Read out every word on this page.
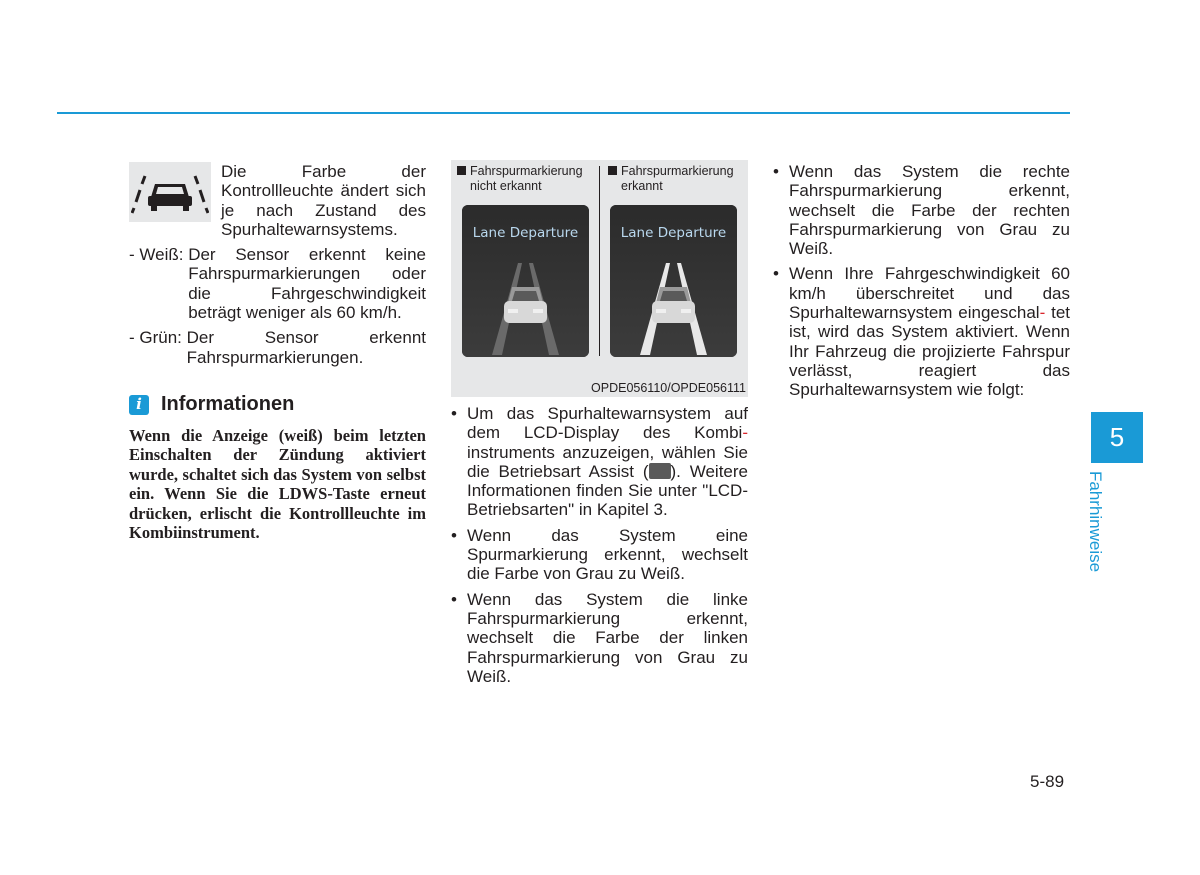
Die Farbe der Kontrollleuchte ändert sich je nach Zustand des Spurhaltewarnsystems.
- Weiß: Der Sensor erkennt keine Fahrspurmarkierungen oder die Fahrgeschwindigkeit beträgt weniger als 60 km/h.
- Grün: Der Sensor erkennt Fahrspurmarkierungen.
i Informationen
Wenn die Anzeige (weiß) beim letzten Einschalten der Zündung aktiviert wurde, schaltet sich das System von selbst ein. Wenn Sie die LDWS-Taste erneut drücken, erlischt die Kontrollleuchte im Kombiinstrument.
Fahrspurmarkierung
nicht erkannt
Fahrspurmarkierung
erkannt
Lane Departure	Lane Departure
OPDE056110/OPDE056111
• Um das Spurhaltewarnsystem auf dem LCD-Display des Kombi- instruments anzuzeigen, wählen Sie die Betriebsart Assist ( ). Weitere Informationen finden Sie unter "LCD-Betriebsarten" in Kapitel 3.
• Wenn das System eine Spurmarkierung erkennt, wechselt die Farbe von Grau zu Weiß.
• Wenn das System die linke Fahrspurmarkierung erkennt, wechselt die Farbe der linken Fahrspurmarkierung von Grau zu Weiß.
• Wenn das System die rechte Fahrspurmarkierung erkennt, wechselt die Farbe der rechten Fahrspurmarkierung von Grau zu Weiß.
• Wenn Ihre Fahrgeschwindigkeit 60 km/h überschreitet und das Spurhaltewarnsystem eingeschal- tet ist, wird das System aktiviert. Wenn Ihr Fahrzeug die projizierte Fahrspur verlässt, reagiert das Spurhaltewarnsystem wie folgt:
5
Fahrhinweise
5-89
